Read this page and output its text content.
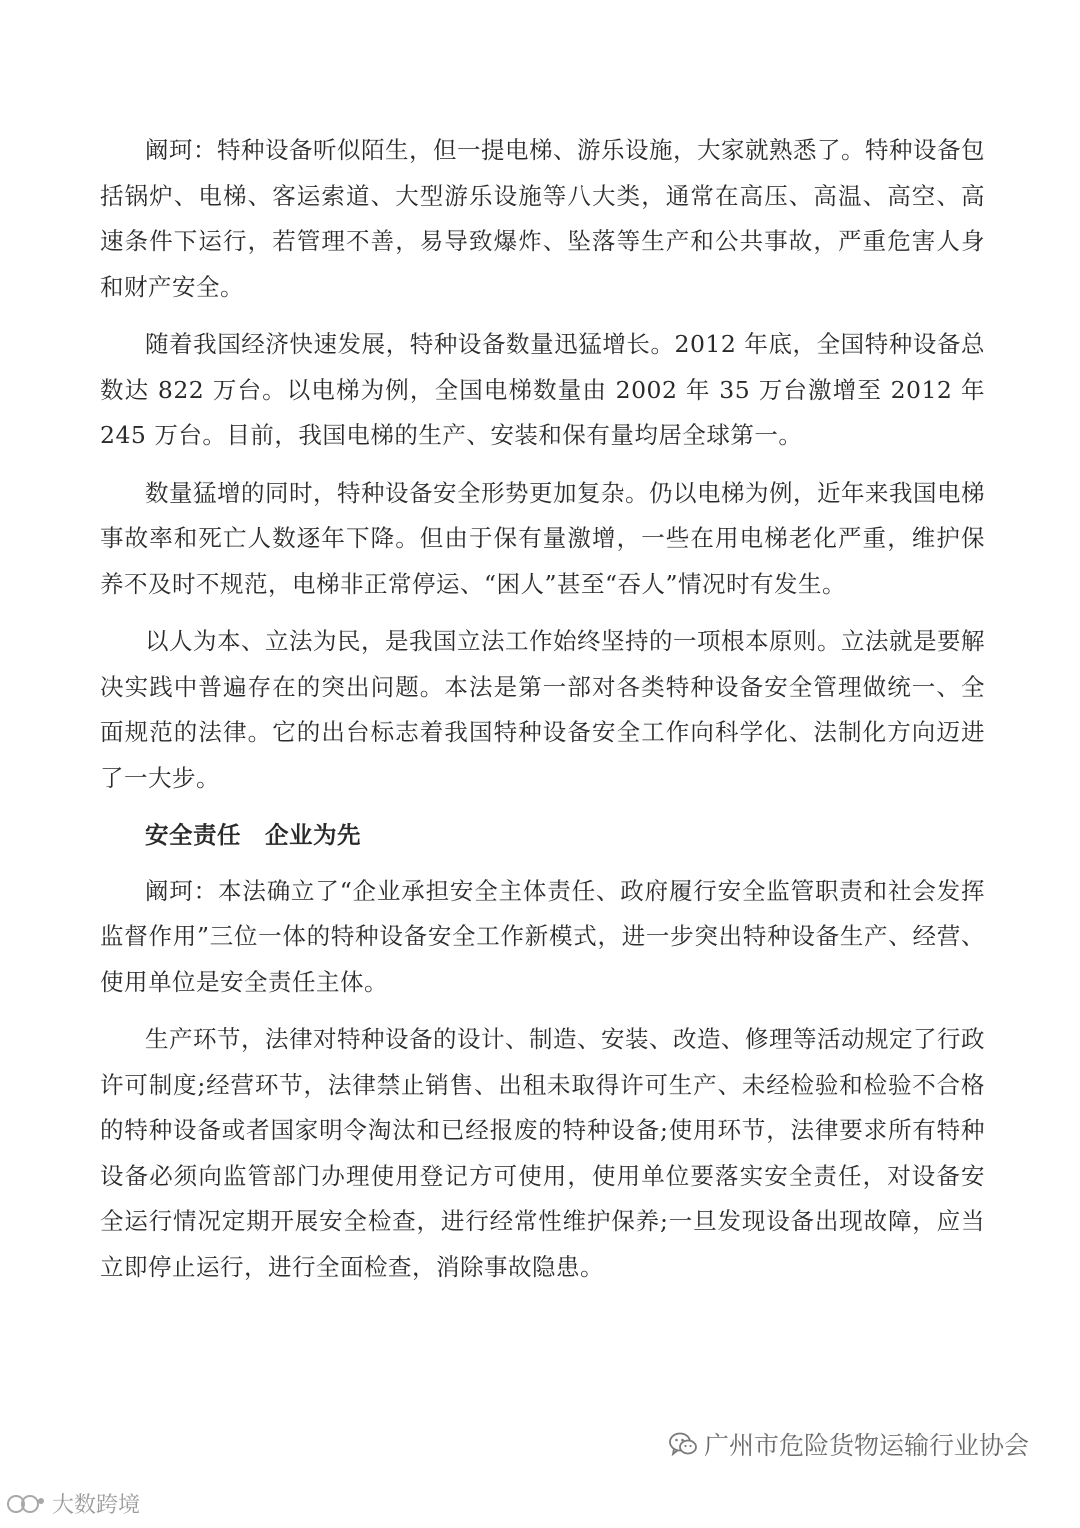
阚珂：特种设备听似陌生，但一提电梯、游乐设施，大家就熟悉了。特种设备包括锅炉、电梯、客运索道、大型游乐设施等八大类，通常在高压、高温、高空、高速条件下运行，若管理不善，易导致爆炸、坠落等生产和公共事故，严重危害人身和财产安全。

随着我国经济快速发展，特种设备数量迅猛增长。2012 年底，全国特种设备总数达 822 万台。以电梯为例，全国电梯数量由 2002 年 35 万台激增至 2012 年 245 万台。目前，我国电梯的生产、安装和保有量均居全球第一。

数量猛增的同时，特种设备安全形势更加复杂。仍以电梯为例，近年来我国电梯事故率和死亡人数逐年下降。但由于保有量激增，一些在用电梯老化严重，维护保养不及时不规范，电梯非正常停运、“困人”甚至“吞人”情况时有发生。

以人为本、立法为民，是我国立法工作始终坚持的一项根本原则。立法就是要解决实践中普遍存在的突出问题。本法是第一部对各类特种设备安全管理做统一、全面规范的法律。它的出台标志着我国特种设备安全工作向科学化、法制化方向迈进了一大步。

安全责任　企业为先

阚珂：本法确立了“企业承担安全主体责任、政府履行安全监管职责和社会发挥监督作用”三位一体的特种设备安全工作新模式，进一步突出特种设备生产、经营、使用单位是安全责任主体。

生产环节，法律对特种设备的设计、制造、安装、改造、修理等活动规定了行政许可制度;经营环节，法律禁止销售、出租未取得许可生产、未经检验和检验不合格的特种设备或者国家明令淘汰和已经报废的特种设备;使用环节，法律要求所有特种设备必须向监管部门办理使用登记方可使用，使用单位要落实安全责任，对设备安全运行情况定期开展安全检查，进行经常性维护保养;一旦发现设备出现故障，应当立即停止运行，进行全面检查，消除事故隐患。

广州市危险货物运输行业协会
大数跨境
